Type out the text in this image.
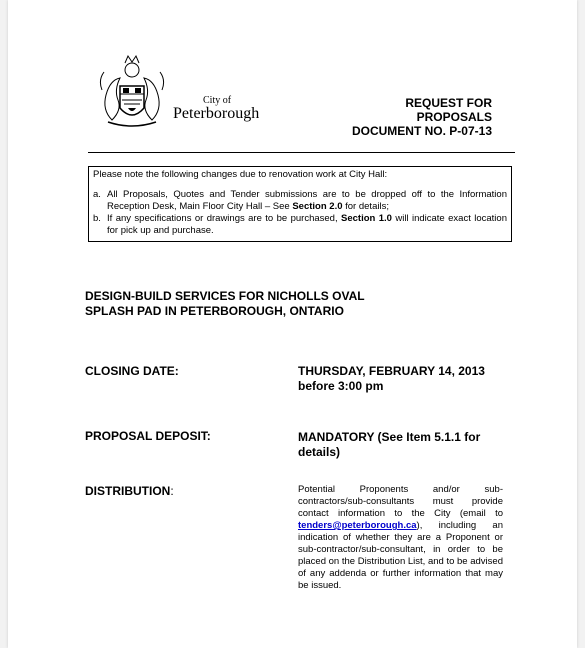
City of
Peterborough
REQUEST FOR
PROPOSALS
DOCUMENT NO. P-07-13

Please note the following changes due to renovation work at City Hall:

a. All Proposals, Quotes and Tender submissions are to be dropped off to the Information Reception Desk, Main Floor City Hall – See Section 2.0 for details;
b. If any specifications or drawings are to be purchased, Section 1.0 will indicate exact location for pick up and purchase.
DESIGN-BUILD SERVICES FOR NICHOLLS OVAL
SPLASH PAD IN PETERBOROUGH, ONTARIO
CLOSING DATE:	THURSDAY, FEBRUARY 14, 2013
before 3:00 pm
PROPOSAL DEPOSIT:	MANDATORY (See Item 5.1.1 for
details)
DISTRIBUTION:	Potential Proponents and/or sub-contractors/sub-consultants must provide contact information to the City (email to tenders@peterborough.ca), including an indication of whether they are a Proponent or sub-contractor/sub-consultant, in order to be placed on the Distribution List, and to be advised of any addenda or further information that may be issued.
